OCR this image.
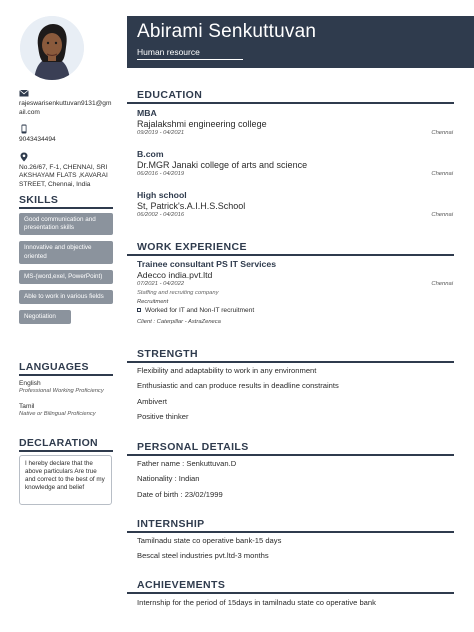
Abirami Senkuttuvan
Human resource
rajeswarisenkuttuvan9131@gmail.com
9043434494
No.26/67, F-1, CHENNAI, SRI AKSHAYAM FLATS ,KAVARAI STREET, Chennai, India
SKILLS
Good communication and presentation skills
Innovative and objective oriented
MS-(word,exel, PowerPoint)
Able to work in various fields
Negotiation
LANGUAGES
English
Professional Working Proficiency
Tamil
Native or Bilingual Proficiency
DECLARATION
I hereby declare that the above particulars Are true and correct to the best of my knowledge and belief
EDUCATION
MBA
Rajalakshmi engineering college
09/2019 - 04/2021	Chennai
B.com
Dr.MGR Janaki college of arts and science
06/2016 - 04/2019	Chennai
High school
St, Patrick's.A.I.H.S.School
06/2002 - 04/2016	Chennai
WORK EXPERIENCE
Trainee consultant PS IT Services
Adecco india.pvt.ltd
07/2021 - 04/2022	Chennai
Staffing and recruiting company
Recruitment
Worked for IT and Non-IT recruitment
Client : Caterpillar - AstraZeneca
STRENGTH
Flexibility and adaptability to work in any environment
Enthusiastic and can produce results in deadline constraints
Ambivert
Positive thinker
PERSONAL DETAILS
Father name : Senkuttuvan.D
Nationality : Indian
Date of birth : 23/02/1999
INTERNSHIP
Tamilnadu state co operative bank-15 days
Bescal steel industries pvt.ltd-3 months
ACHIEVEMENTS
Internship for the period of 15days in tamilnadu state co operative bank
